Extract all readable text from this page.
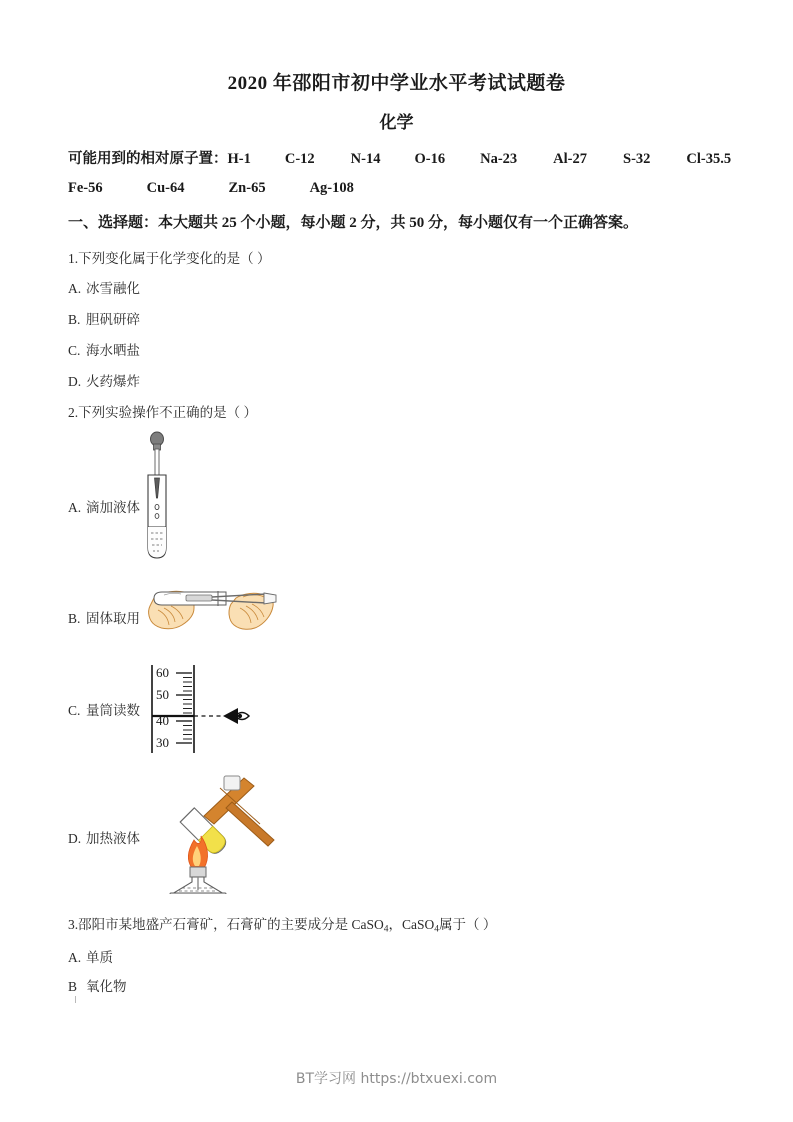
2020 年邵阳市初中学业水平考试试题卷
化学
可能用到的相对原子置：H-1 C-12 N-14 O-16 Na-23 Al-27 S-32 Cl-35.5
Fe-56	Cu-64	Zn-65	Ag-108
一、选择题：本大题共 25 个小题，每小题 2 分，共 50 分，每小题仅有一个正确答案。
1.下列变化属于化学变化的是（ ）
A. 冰雪融化
B. 胆矾研碎
C. 海水晒盐
D. 火药爆炸
2.下列实验操作不正确的是（ ）
A. 滴加液体
B. 固体取用
C. 量筒读数
D. 加热液体
60
50
40
30
3.邵阳市某地盛产石膏矿，石膏矿的主要成分是 CaSO$_4$，CaSO$_4$属于（ ）
A. 单质
B 氧化物
BT学习网 https://btxuexi.com
